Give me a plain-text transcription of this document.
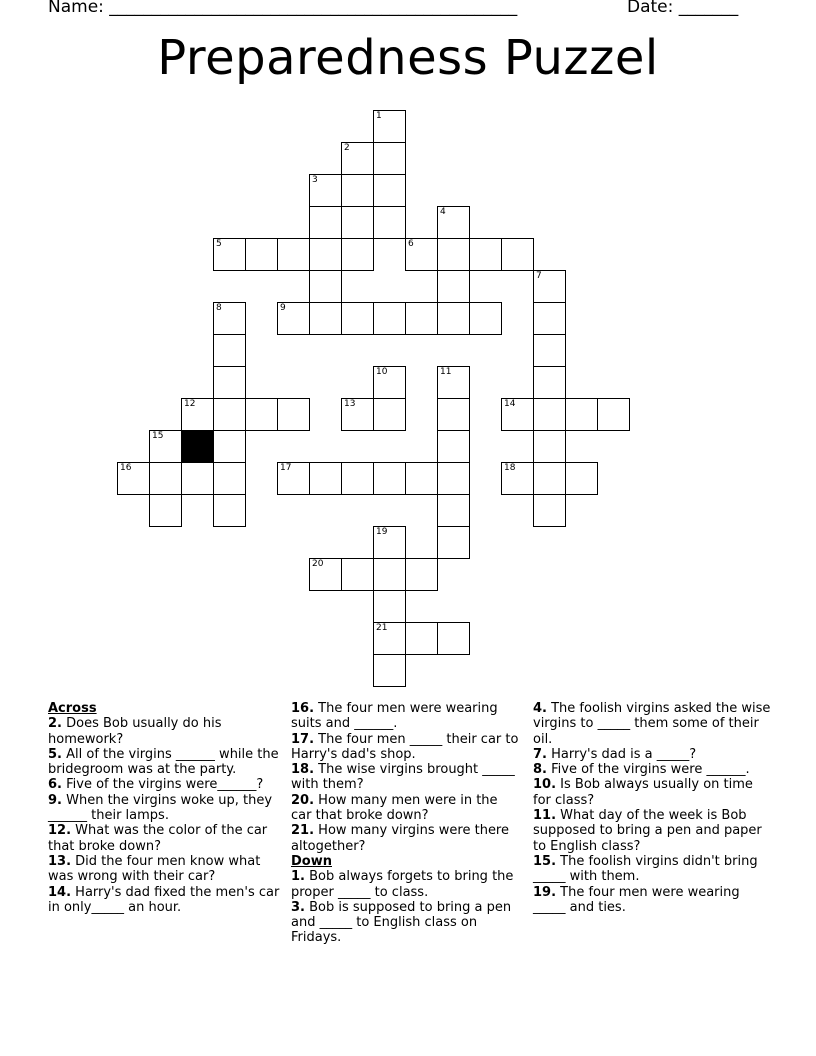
Name: ________________________________________________	Date: _______
Preparedness Puzzel
1
2
3
4
5	6
7
8	9
10	11
12	13	14
15
16	17	18
19
20
21
Across
2. Does Bob usually do his homework?
5. All of the virgins ______ while the bridegroom was at the party.
6. Five of the virgins were______?
9. When the virgins woke up, they ______ their lamps.
12. What was the color of the car that broke down?
13. Did the four men know what was wrong with their car?
14. Harry's dad fixed the men's car in only_____ an hour.
16. The four men were wearing suits and ______.
17. The four men _____ their car to Harry's dad's shop.
18. The wise virgins brought _____ with them?
20. How many men were in the car that broke down?
21. How many virgins were there altogether?
Down
1. Bob always forgets to bring the proper _____ to class.
3. Bob is supposed to bring a pen and _____ to English class on Fridays.
4. The foolish virgins asked the wise virgins to _____ them some of their oil.
7. Harry's dad is a _____?
8. Five of the virgins were ______.
10. Is Bob always usually on time for class?
11. What day of the week is Bob supposed to bring a pen and paper to English class?
15. The foolish virgins didn't bring _____ with them.
19. The four men were wearing _____ and ties.
